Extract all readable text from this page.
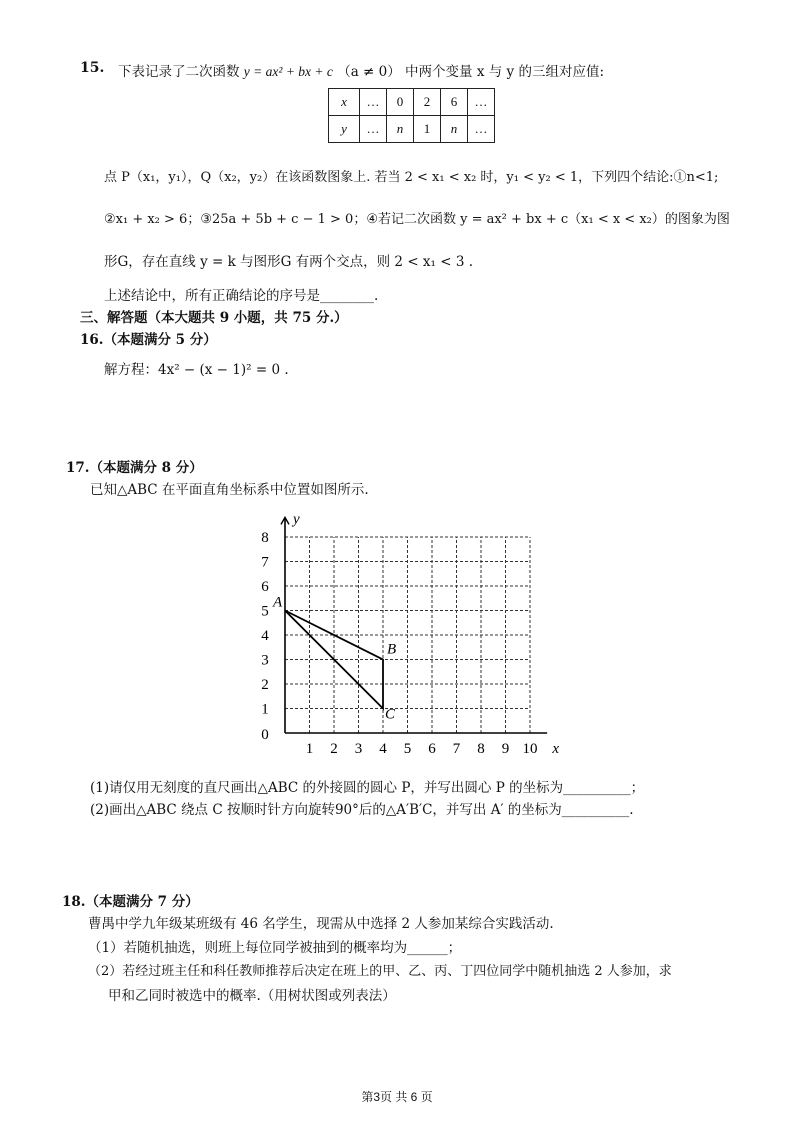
15. 下表记录了二次函数 y = ax² + bx + c （a ≠ 0） 中两个变量 x 与 y 的三组对应值:
x	…	0	2	6	…
y	…	n	1	n	…
点 P（x₁，y₁），Q（x₂，y₂）在该函数图象上. 若当 2 < x₁ < x₂ 时，y₁ < y₂ < 1，下列四个结论:①n<1;
②x₁ + x₂ > 6；③25a + 5b + c − 1 > 0；④若记二次函数 y = ax² + bx + c（x₁ < x < x₂）的图象为图
形G，存在直线 y = k 与图形G 有两个交点，则 2 < x₁ < 3 .
上述结论中，所有正确结论的序号是________.
三、解答题（本大题共 9 小题，共 75 分.）
16.（本题满分 5 分）
解方程：4x² − (x − 1)² = 0 .
17.（本题满分 8 分）
已知△ABC 在平面直角坐标系中位置如图所示.
1 2 3 4 5 6 7 8 9 10
1
2
3
4
5
6
7
8
0
x
y
A
B
C
(1)请仅用无刻度的直尺画出△ABC 的外接圆的圆心 P，并写出圆心 P 的坐标为__________；
(2)画出△ABC 绕点 C 按顺时针方向旋转90°后的△A′B′C，并写出 A′ 的坐标为__________.
18.（本题满分 7 分）
曹禺中学九年级某班级有 46 名学生，现需从中选择 2 人参加某综合实践活动.
（1）若随机抽选，则班上每位同学被抽到的概率均为______；
（2）若经过班主任和科任教师推荐后决定在班上的甲、乙、丙、丁四位同学中随机抽选 2 人参加，求
甲和乙同时被选中的概率.（用树状图或列表法）
第3页 共 6 页
